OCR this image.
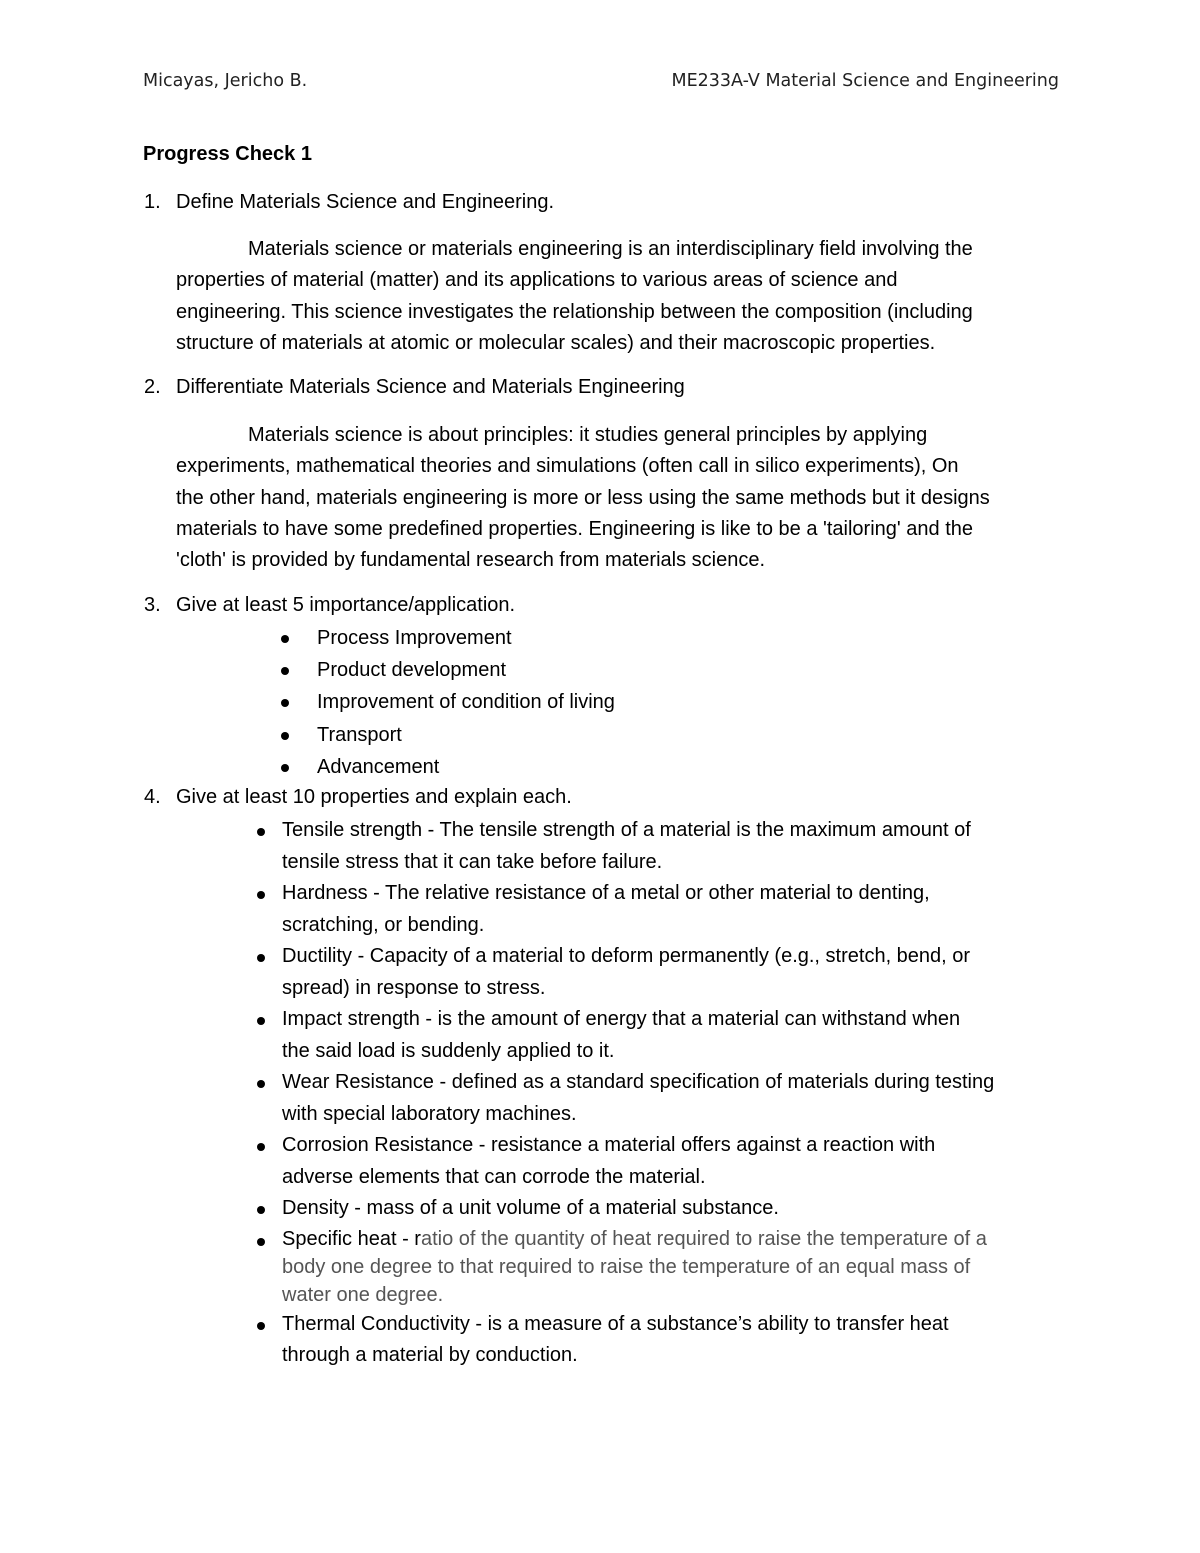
Micayas, Jericho B.	ME233A-V Material Science and Engineering
Progress Check 1
1. Define Materials Science and Engineering.
Materials science or materials engineering is an interdisciplinary field involving the
properties of material (matter) and its applications to various areas of science and
engineering. This science investigates the relationship between the composition (including
structure of materials at atomic or molecular scales) and their macroscopic properties.
2. Differentiate Materials Science and Materials Engineering
Materials science is about principles: it studies general principles by applying
experiments, mathematical theories and simulations (often call in silico experiments), On
the other hand, materials engineering is more or less using the same methods but it designs
materials to have some predefined properties. Engineering is like to be a 'tailoring' and the
'cloth' is provided by fundamental research from materials science.
3. Give at least 5 importance/application.
Process Improvement
Product development
Improvement of condition of living
Transport
Advancement
4. Give at least 10 properties and explain each.
Tensile strength - The tensile strength of a material is the maximum amount of
tensile stress that it can take before failure.
Hardness - The relative resistance of a metal or other material to denting,
scratching, or bending.
Ductility - Capacity of a material to deform permanently (e.g., stretch, bend, or
spread) in response to stress.
Impact strength - is the amount of energy that a material can withstand when
the said load is suddenly applied to it.
Wear Resistance - defined as a standard specification of materials during testing
with special laboratory machines.
Corrosion Resistance - resistance a material offers against a reaction with
adverse elements that can corrode the material.
Density - mass of a unit volume of a material substance.
Specific heat - ratio of the quantity of heat required to raise the temperature of a
body one degree to that required to raise the temperature of an equal mass of
water one degree.
Thermal Conductivity - is a measure of a substance’s ability to transfer heat
through a material by conduction.
